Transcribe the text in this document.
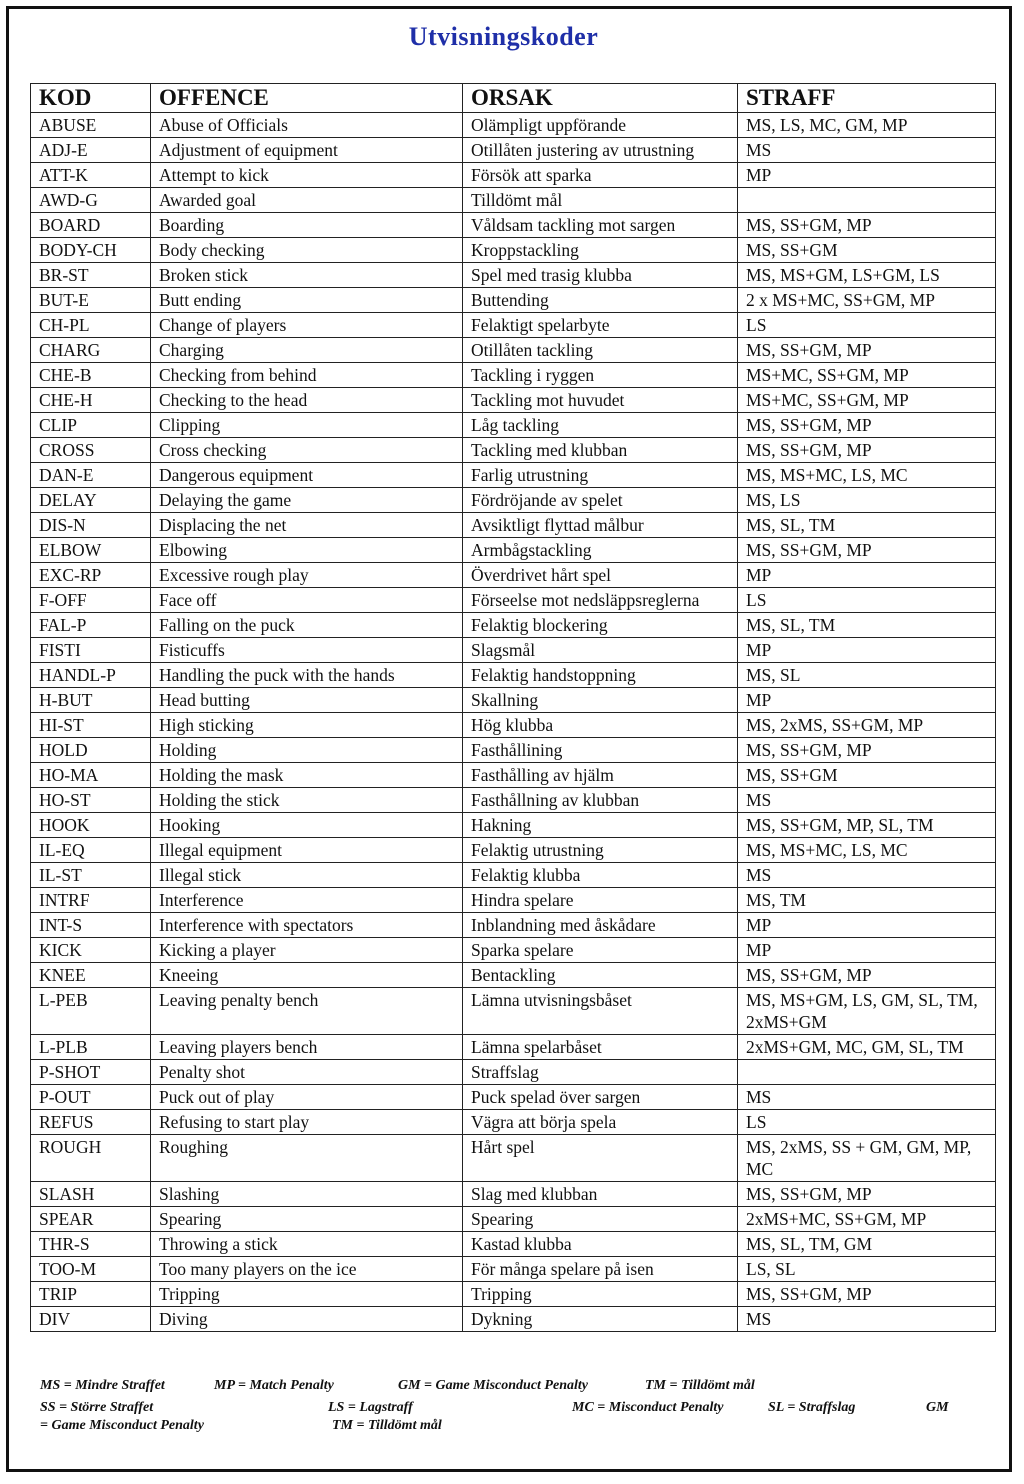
Utvisningskoder
KOD	OFFENCE	ORSAK	STRAFF
ABUSE	Abuse of Officials	Olämpligt uppförande	MS, LS, MC, GM, MP
ADJ-E	Adjustment of equipment	Otillåten justering av utrustning	MS
ATT-K	Attempt to kick	Försök att sparka	MP
AWD-G	Awarded goal	Tilldömt mål	
BOARD	Boarding	Våldsam tackling mot sargen	MS, SS+GM, MP
BODY-CH	Body checking	Kroppstackling	MS, SS+GM
BR-ST	Broken stick	Spel med trasig klubba	MS, MS+GM, LS+GM, LS
BUT-E	Butt ending	Buttending	2 x MS+MC, SS+GM, MP
CH-PL	Change of players	Felaktigt spelarbyte	LS
CHARG	Charging	Otillåten tackling	MS, SS+GM, MP
CHE-B	Checking from behind	Tackling i ryggen	MS+MC, SS+GM, MP
CHE-H	Checking to the head	Tackling mot huvudet	MS+MC, SS+GM, MP
CLIP	Clipping	Låg tackling	MS, SS+GM, MP
CROSS	Cross checking	Tackling med klubban	MS, SS+GM, MP
DAN-E	Dangerous equipment	Farlig utrustning	MS, MS+MC, LS, MC
DELAY	Delaying the game	Fördröjande av spelet	MS, LS
DIS-N	Displacing the net	Avsiktligt flyttad målbur	MS, SL, TM
ELBOW	Elbowing	Armbågstackling	MS, SS+GM, MP
EXC-RP	Excessive rough play	Överdrivet hårt spel	MP
F-OFF	Face off	Förseelse mot nedsläppsreglerna	LS
FAL-P	Falling on the puck	Felaktig blockering	MS, SL, TM
FISTI	Fisticuffs	Slagsmål	MP
HANDL-P	Handling the puck with the hands	Felaktig handstoppning	MS, SL
H-BUT	Head butting	Skallning	MP
HI-ST	High sticking	Hög klubba	MS, 2xMS, SS+GM, MP
HOLD	Holding	Fasthållining	MS, SS+GM, MP
HO-MA	Holding the mask	Fasthålling av hjälm	MS, SS+GM
HO-ST	Holding the stick	Fasthållning av klubban	MS
HOOK	Hooking	Hakning	MS, SS+GM, MP, SL, TM
IL-EQ	Illegal equipment	Felaktig utrustning	MS, MS+MC, LS, MC
IL-ST	Illegal stick	Felaktig klubba	MS
INTRF	Interference	Hindra spelare	MS, TM
INT-S	Interference with spectators	Inblandning med åskådare	MP
KICK	Kicking a player	Sparka spelare	MP
KNEE	Kneeing	Bentackling	MS, SS+GM, MP
L-PEB	Leaving penalty bench	Lämna utvisningsbåset	MS, MS+GM, LS, GM, SL, TM, 2xMS+GM
L-PLB	Leaving players bench	Lämna spelarbåset	2xMS+GM, MC, GM, SL, TM
P-SHOT	Penalty shot	Straffslag	
P-OUT	Puck out of play	Puck spelad över sargen	MS
REFUS	Refusing to start play	Vägra att börja spela	LS
ROUGH	Roughing	Hårt spel	MS, 2xMS, SS + GM, GM, MP, MC
SLASH	Slashing	Slag med klubban	MS, SS+GM, MP
SPEAR	Spearing	Spearing	2xMS+MC, SS+GM, MP
THR-S	Throwing a stick	Kastad klubba	MS, SL, TM, GM
TOO-M	Too many players on the ice	För många spelare på isen	LS, SL
TRIP	Tripping	Tripping	MS, SS+GM, MP
DIV	Diving	Dykning	MS
MS = Mindre Straffet	MP = Match Penalty	GM = Game Misconduct Penalty	TM = Tilldömt mål
SS = Större Straffet	LS = Lagstraff	MC = Misconduct Penalty	SL = Straffslag	GM
= Game Misconduct Penalty	TM = Tilldömt mål
